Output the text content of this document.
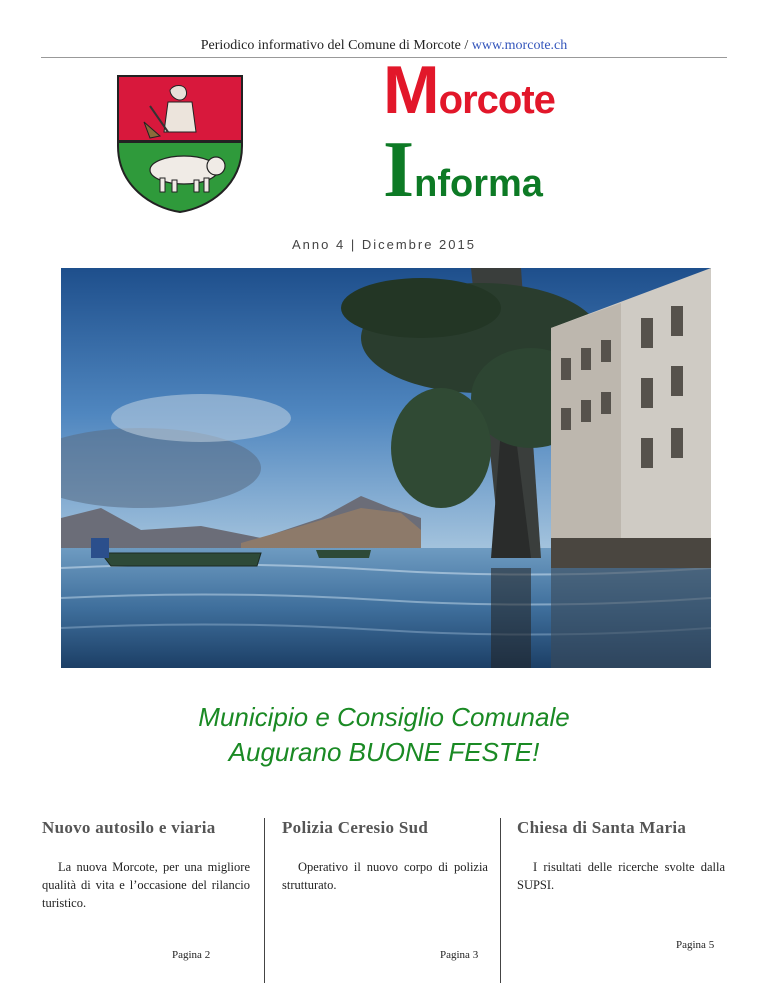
Periodico informativo del Comune di Morcote / www.morcote.ch
Morcote
Informa
Anno 4 | Dicembre 2015
Municipio e Consiglio Comunale
Augurano BUONE FESTE!
Nuovo autosilo e viaria

La nuova Morcote, per una migliore qualità di vita e l’occasione del rilancio turistico.

Pagina 2
Polizia Ceresio Sud

Operativo il nuovo corpo di polizia strutturato.

Pagina 3
Chiesa di Santa Maria

I risultati delle ricerche svolte dalla SUPSI.

Pagina 5
